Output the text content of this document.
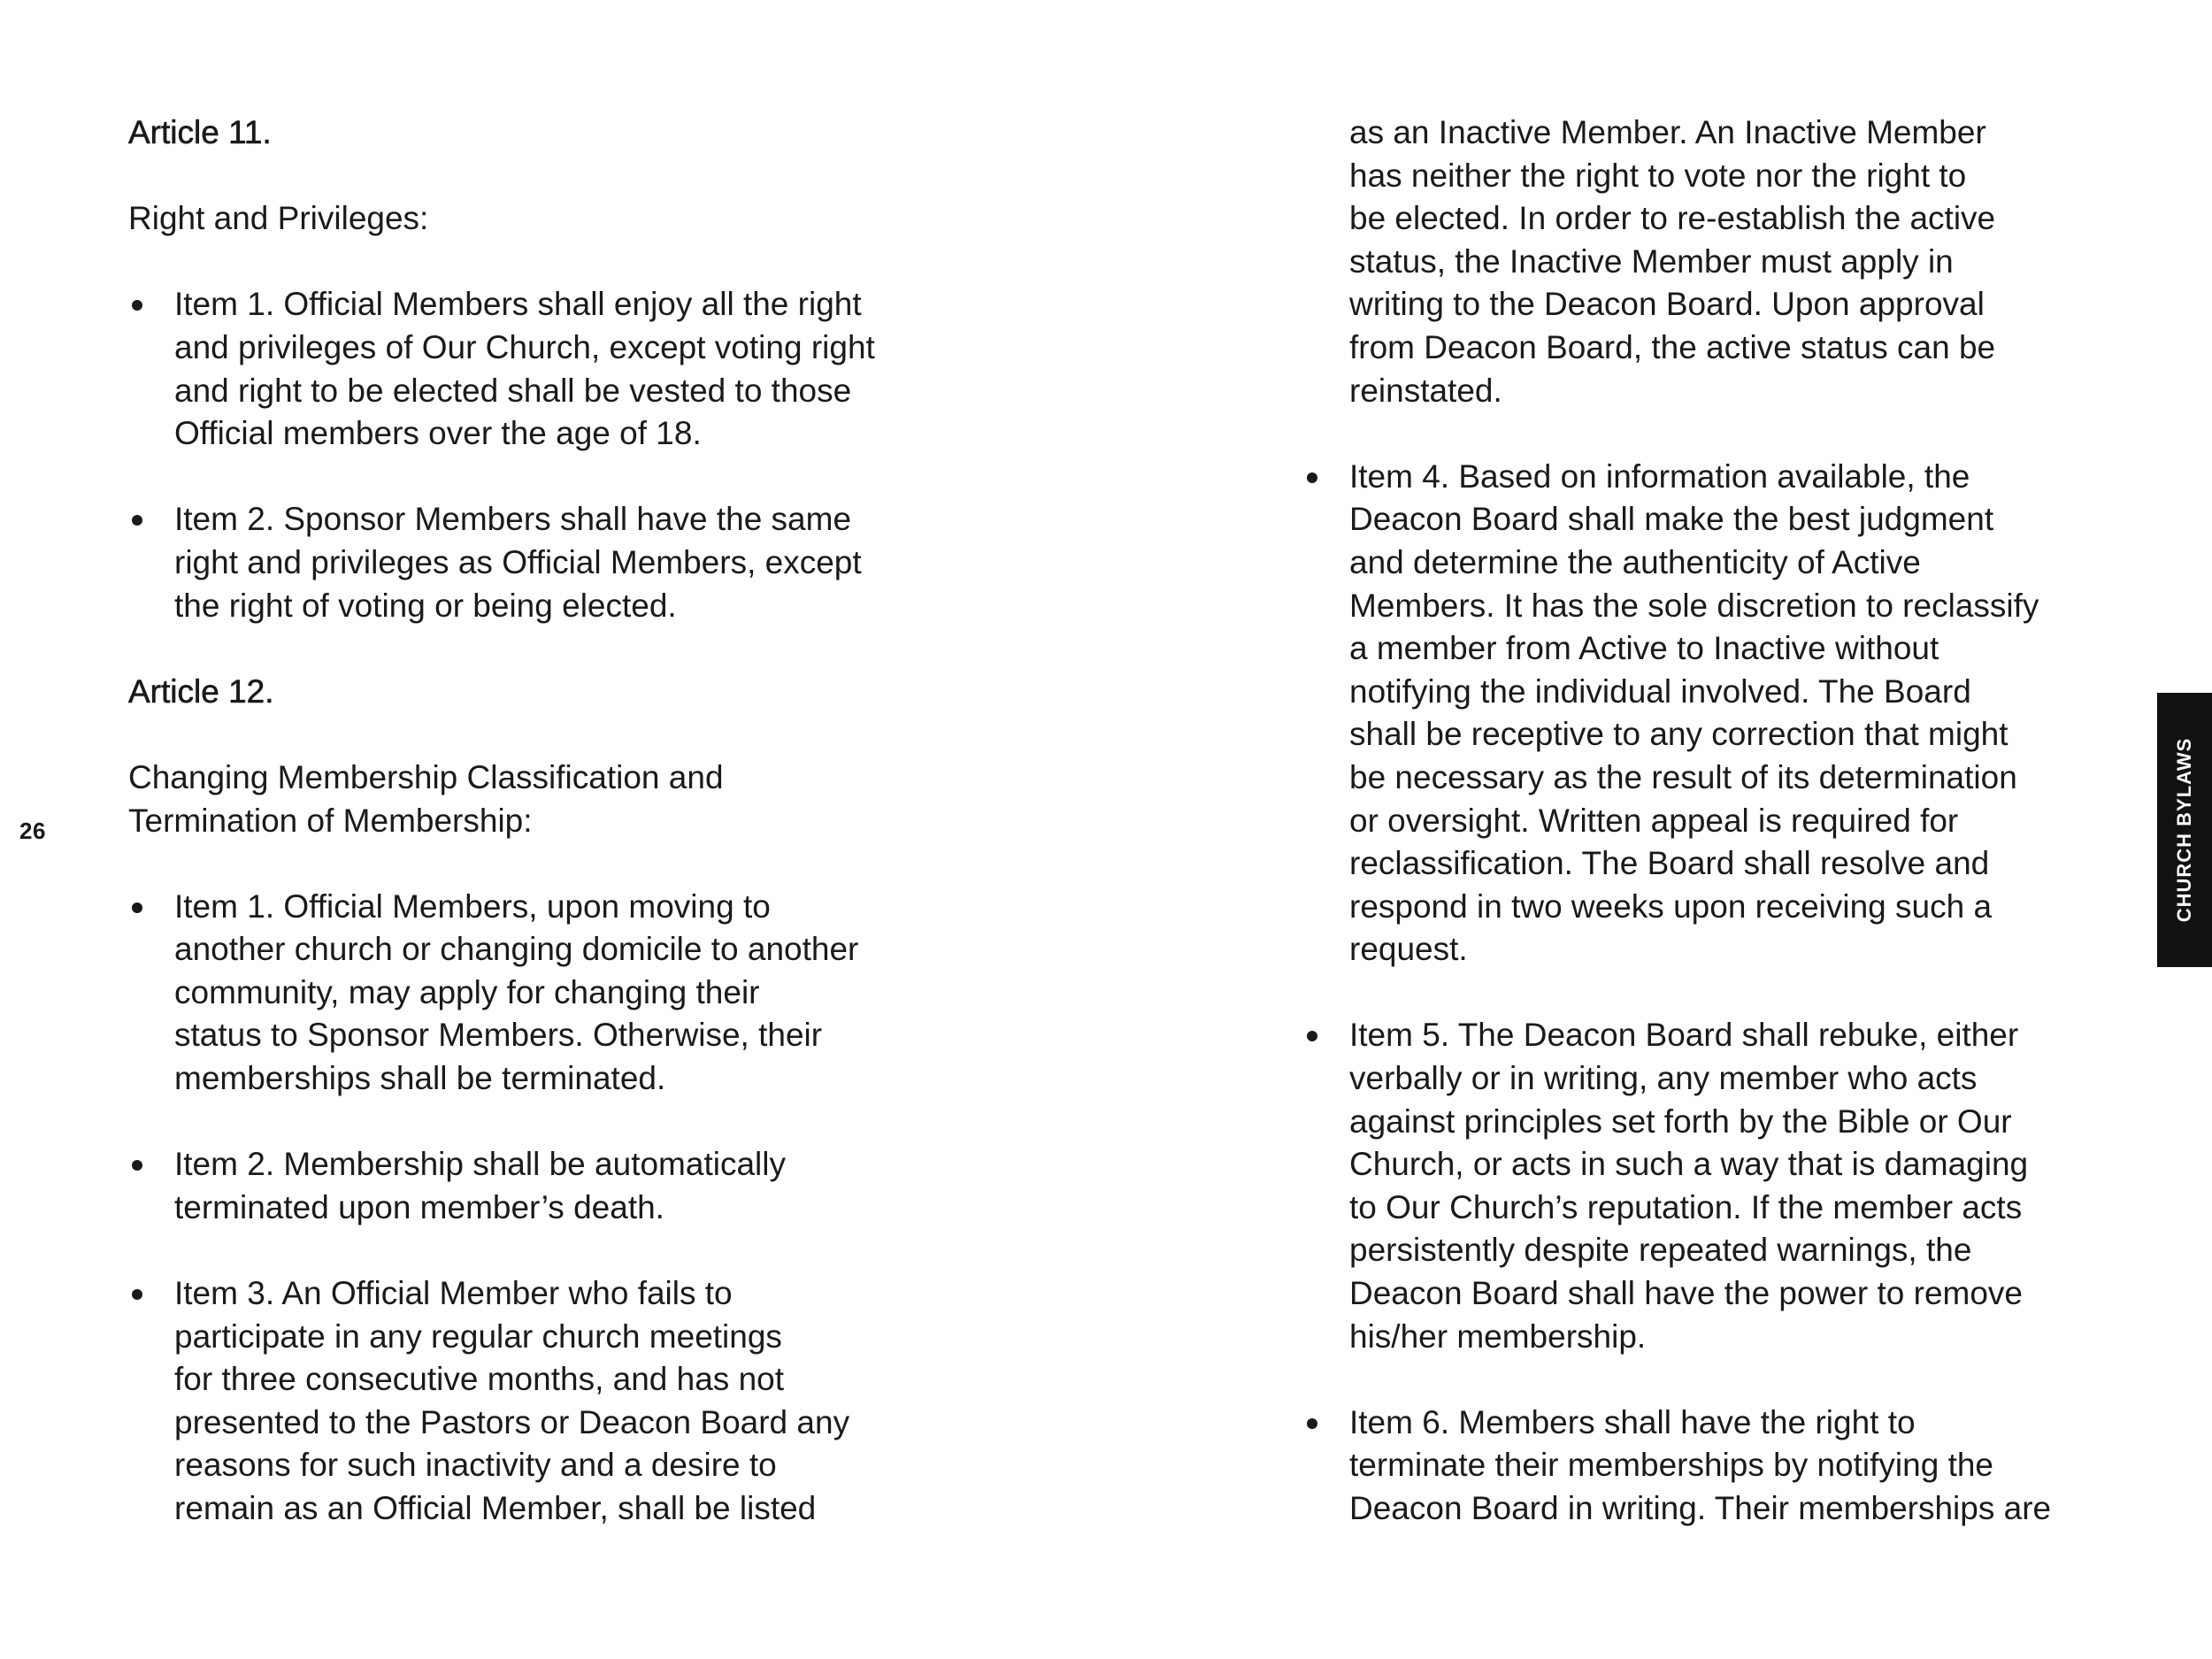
26
Article 11.

Right and Privileges:

Item 1. Official Members shall enjoy all the right
and privileges of Our Church, except voting right
and right to be elected shall be vested to those
Official members over the age of 18.
Item 2. Sponsor Members shall have the same
right and privileges as Official Members, except
the right of voting or being elected.
Article 12.

Changing Membership Classification and
Termination of Membership:

Item 1. Official Members, upon moving to
another church or changing domicile to another
community, may apply for changing their
status to Sponsor Members. Otherwise, their
memberships shall be terminated.
Item 2. Membership shall be automatically
terminated upon member’s death.
Item 3. An Official Member who fails to
participate in any regular church meetings
for three consecutive months, and has not
presented to the Pastors or Deacon Board any
reasons for such inactivity and a desire to
remain as an Official Member, shall be listed

as an Inactive Member. An Inactive Member
has neither the right to vote nor the right to
be elected. In order to re-establish the active
status, the Inactive Member must apply in
writing to the Deacon Board. Upon approval
from Deacon Board, the active status can be
reinstated.

Item 4. Based on information available, the
Deacon Board shall make the best judgment
and determine the authenticity of Active
Members. It has the sole discretion to reclassify
a member from Active to Inactive without
notifying the individual involved. The Board
shall be receptive to any correction that might
be necessary as the result of its determination
or oversight. Written appeal is required for
reclassification. The Board shall resolve and
respond in two weeks upon receiving such a
request.
Item 5. The Deacon Board shall rebuke, either
verbally or in writing, any member who acts
against principles set forth by the Bible or Our
Church, or acts in such a way that is damaging
to Our Church’s reputation. If the member acts
persistently despite repeated warnings, the
Deacon Board shall have the power to remove
his/her membership.
Item 6. Members shall have the right to
terminate their memberships by notifying the
Deacon Board in writing. Their memberships are
CHURCH BYLAWS
